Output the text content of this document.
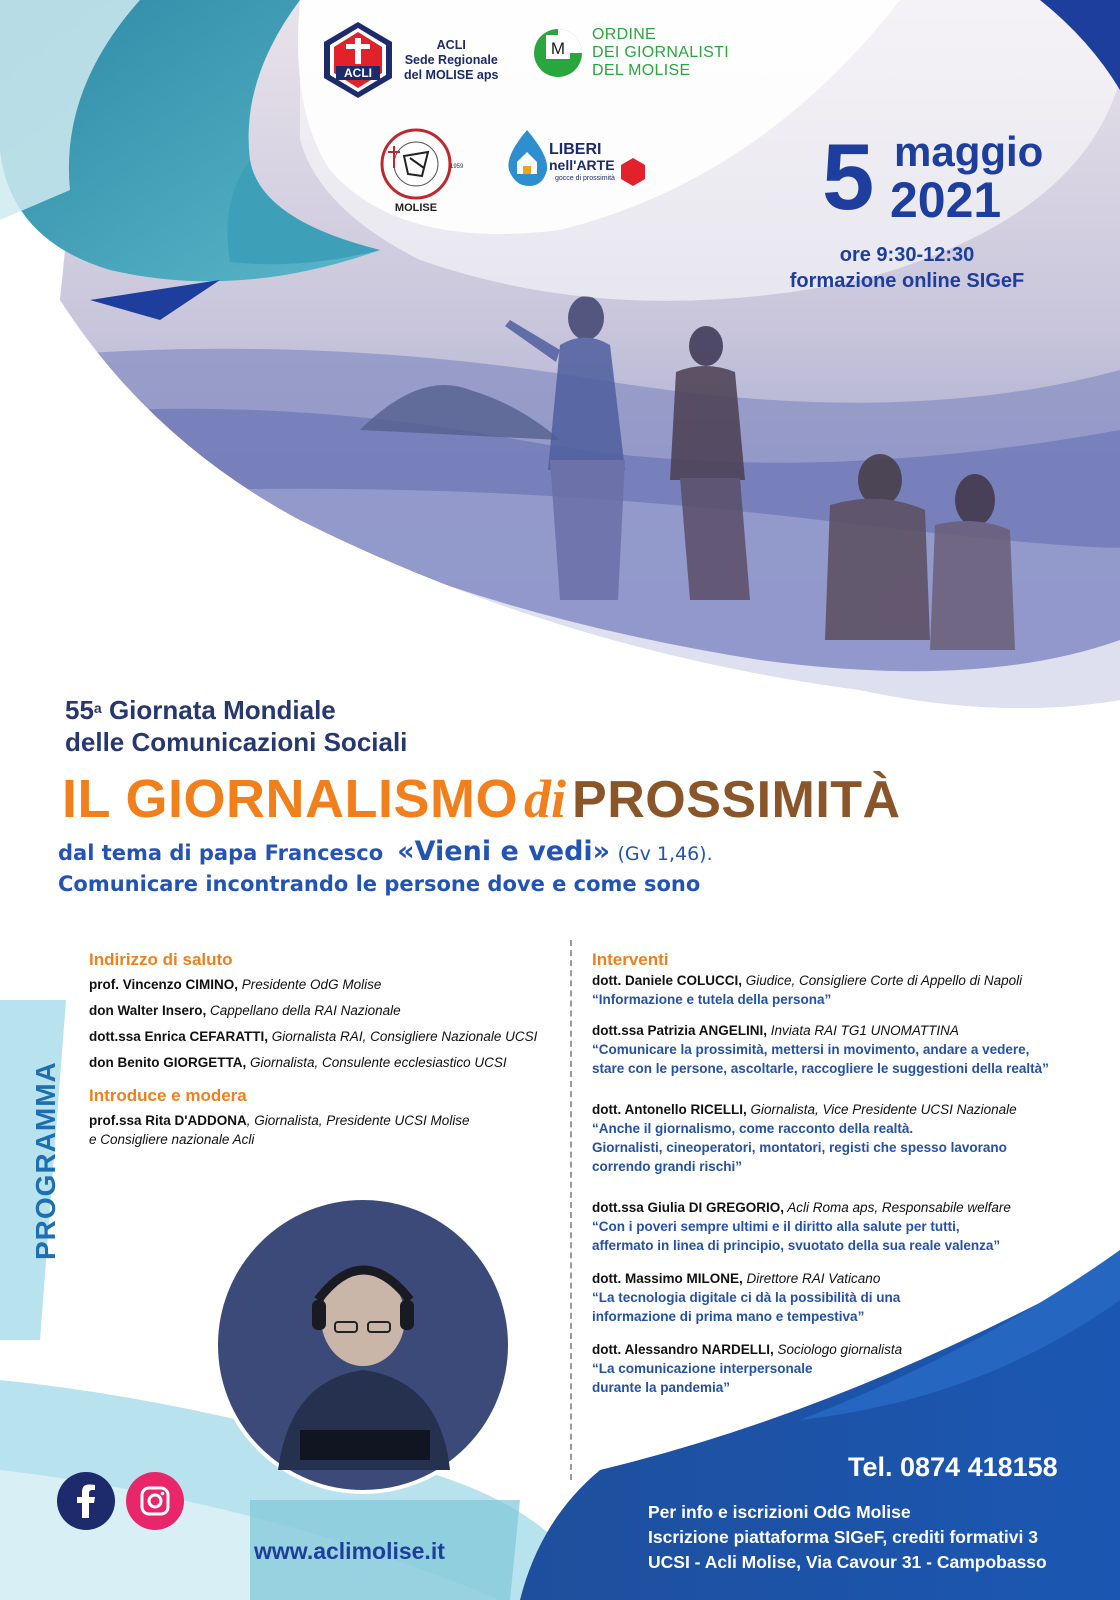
ACLI
ACLI
Sede Regionale
del MOLISE aps
M
ORDINE
DEI GIORNALISTI
DEL MOLISE
1959
MOLISE
LIBERI
nell'ARTE
gocce di prossimità 5 maggio
2021
ore 9:30-12:30
formazione online SIGeF
55$^a$ Giornata Mondiale
delle Comunicazioni Sociali
IL GIORNALISMO di PROSSIMITÀ
dal tema di papa Francesco «Vieni e vedi» (Gv 1,46).
Comunicare incontrando le persone dove e come sono
PROGRAMMA
Indirizzo di saluto
prof. Vincenzo CIMINO, Presidente OdG Molise
don Walter Insero, Cappellano della RAI Nazionale
dott.ssa Enrica CEFARATTI, Giornalista RAI, Consigliere Nazionale UCSI
don Benito GIORGETTA, Giornalista, Consulente ecclesiastico UCSI
Introduce e modera
prof.ssa Rita D'ADDONA, Giornalista, Presidente UCSI Molise
e Consigliere nazionale Acli
Interventi
dott. Daniele COLUCCI, Giudice, Consigliere Corte di Appello di Napoli
“Informazione e tutela della persona”
dott.ssa Patrizia ANGELINI, Inviata RAI TG1 UNOMATTINA
“Comunicare la prossimità, mettersi in movimento, andare a vedere,
stare con le persone, ascoltarle, raccogliere le suggestioni della realtà”
dott. Antonello RICELLI, Giornalista, Vice Presidente UCSI Nazionale
“Anche il giornalismo, come racconto della realtà.
Giornalisti, cineoperatori, montatori, registi che spesso lavorano
correndo grandi rischi”
dott.ssa Giulia DI GREGORIO, Acli Roma aps, Responsabile welfare
“Con i poveri sempre ultimi e il diritto alla salute per tutti,
affermato in linea di principio, svuotato della sua reale valenza”
dott. Massimo MILONE, Direttore RAI Vaticano
“La tecnologia digitale ci dà la possibilità di una
informazione di prima mano e tempestiva”
dott. Alessandro NARDELLI, Sociologo giornalista
“La comunicazione interpersonale
durante la pandemia”
Tel. 0874 418158
Per info e iscrizioni OdG Molise
Iscrizione piattaforma SIGeF, crediti formativi 3
UCSI - Acli Molise, Via Cavour 31 - Campobasso
www.aclimolise.it
